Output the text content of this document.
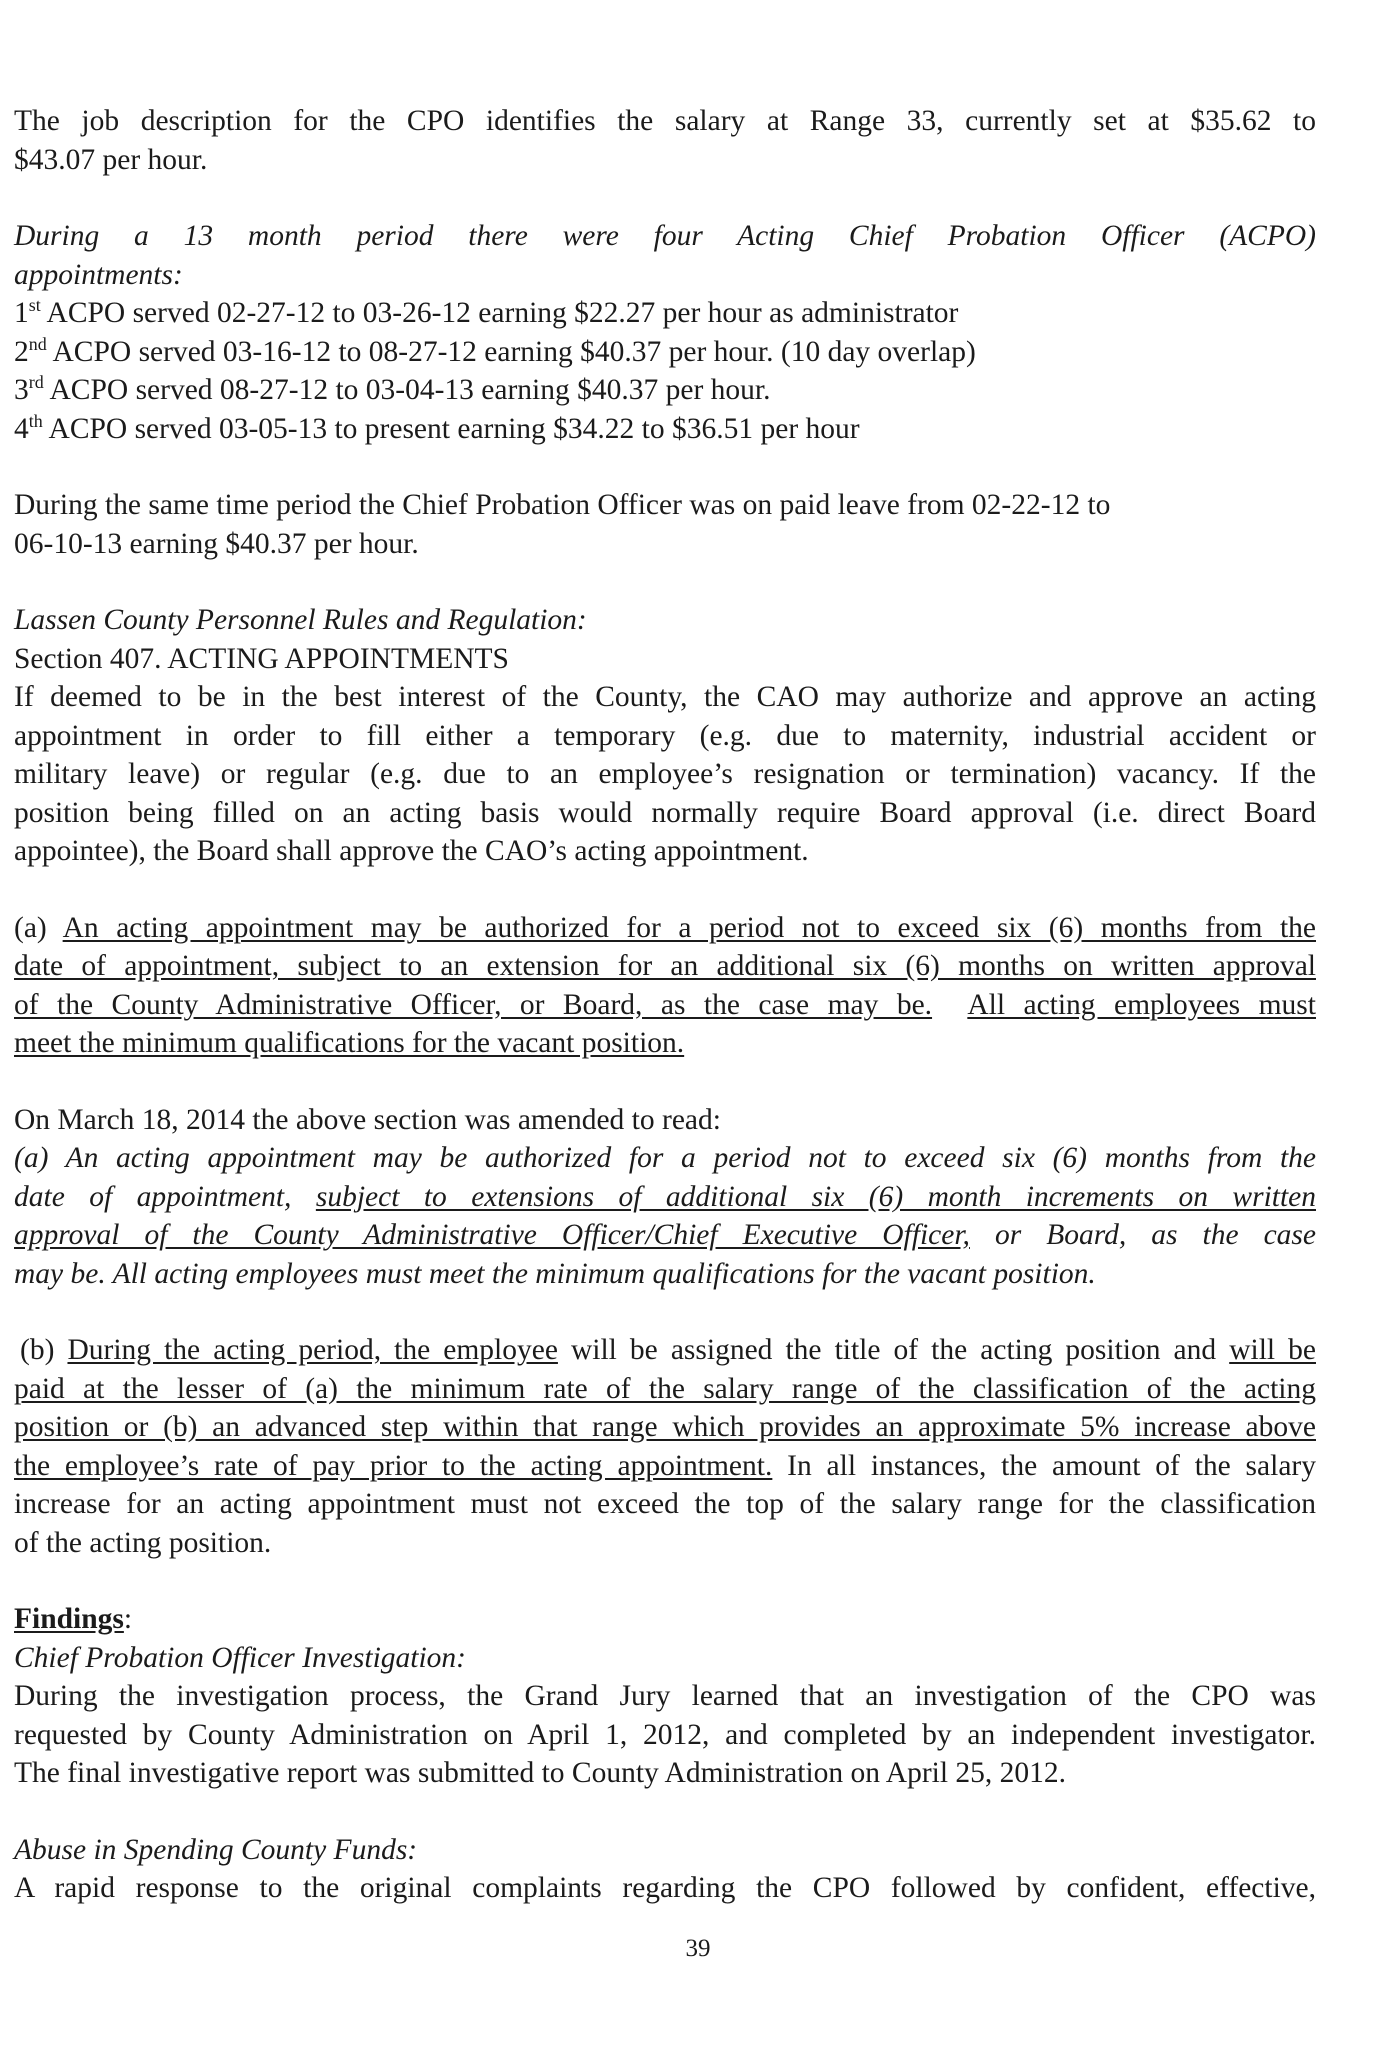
The job description for the CPO identifies the salary at Range 33, currently set at $35.62 to
$43.07 per hour.

During a 13 month period there were four Acting Chief Probation Officer (ACPO)
appointments:
1st ACPO served 02-27-12 to 03-26-12 earning $22.27 per hour as administrator
2nd ACPO served 03-16-12 to 08-27-12 earning $40.37 per hour. (10 day overlap)
3rd ACPO served 08-27-12 to 03-04-13 earning $40.37 per hour.
4th ACPO served 03-05-13 to present earning $34.22 to $36.51 per hour

During the same time period the Chief Probation Officer was on paid leave from 02-22-12 to
06-10-13 earning $40.37 per hour.

Lassen County Personnel Rules and Regulation:
Section 407. ACTING APPOINTMENTS
If deemed to be in the best interest of the County, the CAO may authorize and approve an acting
appointment in order to fill either a temporary (e.g. due to maternity, industrial accident or
military leave) or regular (e.g. due to an employee’s resignation or termination) vacancy. If the
position being filled on an acting basis would normally require Board approval (i.e. direct Board
appointee), the Board shall approve the CAO’s acting appointment.

(a) An acting appointment may be authorized for a period not to exceed six (6) months from the
date of appointment, subject to an extension for an additional six (6) months on written approval
of the County Administrative Officer, or Board, as the case may be. All acting employees must
meet the minimum qualifications for the vacant position.

On March 18, 2014 the above section was amended to read:
(a) An acting appointment may be authorized for a period not to exceed six (6) months from the
date of appointment, subject to extensions of additional six (6) month increments on written
approval of the County Administrative Officer/Chief Executive Officer, or Board, as the case
may be. All acting employees must meet the minimum qualifications for the vacant position.

(b) During the acting period, the employee will be assigned the title of the acting position and will be
paid at the lesser of (a) the minimum rate of the salary range of the classification of the acting
position or (b) an advanced step within that range which provides an approximate 5% increase above
the employee’s rate of pay prior to the acting appointment. In all instances, the amount of the salary
increase for an acting appointment must not exceed the top of the salary range for the classification
of the acting position.

Findings:
Chief Probation Officer Investigation:
During the investigation process, the Grand Jury learned that an investigation of the CPO was
requested by County Administration on April 1, 2012, and completed by an independent investigator.
The final investigative report was submitted to County Administration on April 25, 2012.

Abuse in Spending County Funds:
A rapid response to the original complaints regarding the CPO followed by confident, effective,

39
